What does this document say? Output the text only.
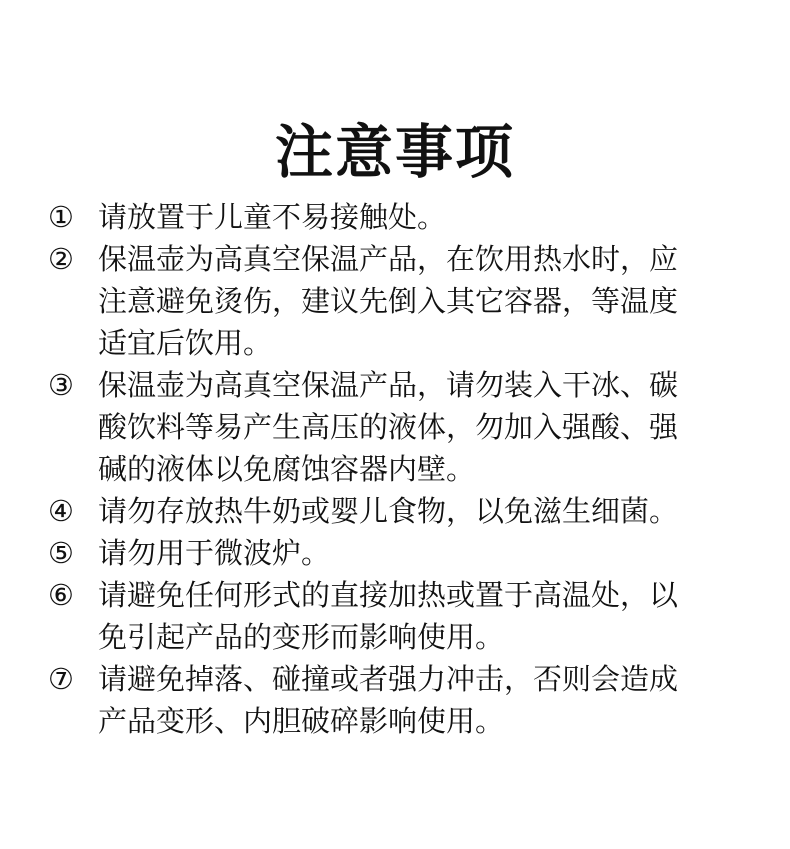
注意事项
① 请放置于儿童不易接触处。
② 保温壶为高真空保温产品，在饮用热水时，应
注意避免烫伤，建议先倒入其它容器，等温度
适宜后饮用。
③ 保温壶为高真空保温产品，请勿装入干冰、碳
酸饮料等易产生高压的液体，勿加入强酸、强
碱的液体以免腐蚀容器内壁。
④ 请勿存放热牛奶或婴儿食物，以免滋生细菌。
⑤ 请勿用于微波炉。
⑥ 请避免任何形式的直接加热或置于高温处，以
免引起产品的变形而影响使用。
⑦ 请避免掉落、碰撞或者强力冲击，否则会造成
产品变形、内胆破碎影响使用。
